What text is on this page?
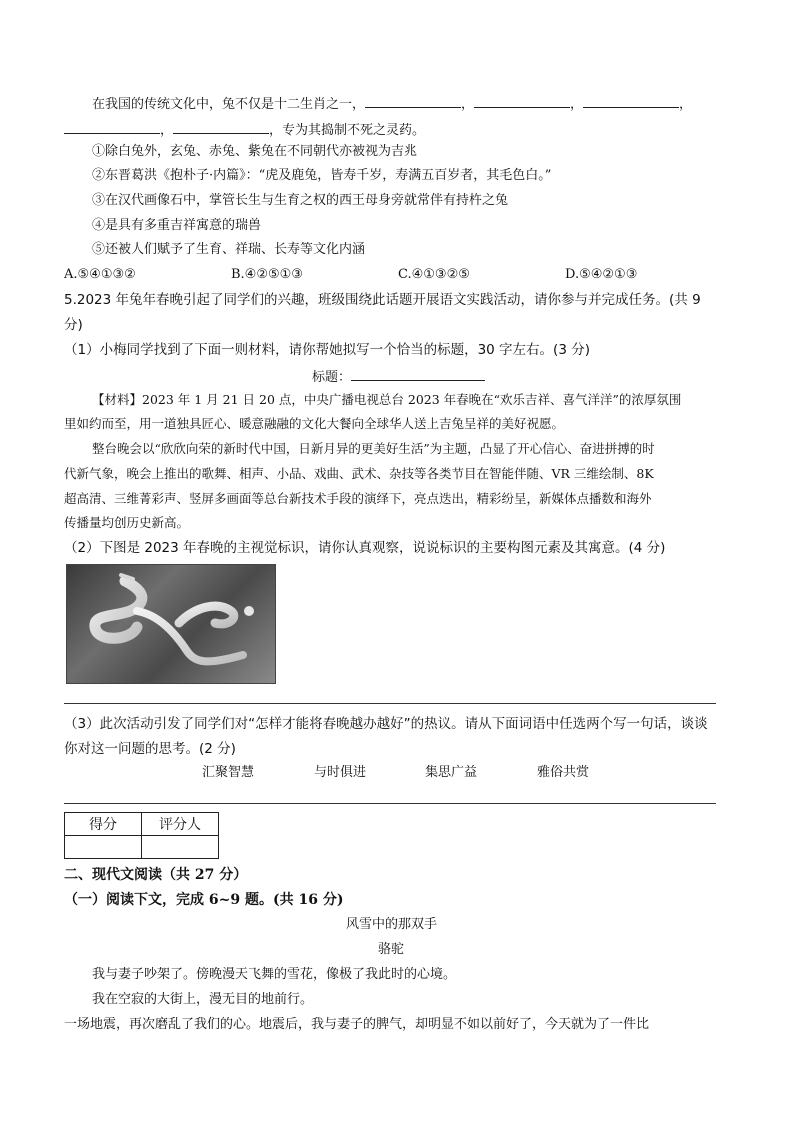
在我国的传统文化中，兔不仅是十二生肖之一，	，	，	，
，	，专为其捣制不死之灵药。
①除白兔外，玄兔、赤兔、紫兔在不同朝代亦被视为吉兆
②东晋葛洪《抱朴子·内篇》：“虎及鹿兔，皆寿千岁，寿满五百岁者，其毛色白。”
③在汉代画像石中，掌管长生与生育之权的西王母身旁就常伴有持杵之兔
④是具有多重吉祥寓意的瑞兽
⑤还被人们赋予了生育、祥瑞、长寿等文化内涵
A.⑤④①③②	B.④②⑤①③	C.④①③②⑤	D.⑤④②①③
5.2023 年兔年春晚引起了同学们的兴趣，班级围绕此话题开展语文实践活动，请你参与并完成任务。(共 9
分)
（1）小梅同学找到了下面一则材料，请你帮她拟写一个恰当的标题，30 字左右。(3 分)
标题：
【材料】2023 年 1 月 21 日 20 点，中央广播电视总台 2023 年春晚在“欢乐吉祥、喜气洋洋”的浓厚氛围
里如约而至，用一道独具匠心、暖意融融的文化大餐向全球华人送上吉兔呈祥的美好祝愿。
整台晚会以“欣欣向荣的新时代中国，日新月异的更美好生活”为主题，凸显了开心信心、奋进拼搏的时
代新气象，晚会上推出的歌舞、相声、小品、戏曲、武术、杂技等各类节目在智能伴随、VR 三维绘制、8K
超高清、三维菁彩声、竖屏多画面等总台新技术手段的演绎下，亮点迭出，精彩纷呈，新媒体点播数和海外
传播量均创历史新高。
（2）下图是 2023 年春晚的主视觉标识，请你认真观察，说说标识的主要构图元素及其寓意。(4 分)
（3）此次活动引发了同学们对“怎样才能将春晚越办越好”的热议。请从下面词语中任选两个写一句话，谈谈
你对这一问题的思考。(2 分)
汇聚智慧	与时俱进	集思广益	雅俗共赏
得分	评分人

二、现代文阅读（共 27 分）
（一）阅读下文，完成 6~9 题。(共 16 分)
风雪中的那双手
骆驼
我与妻子吵架了。傍晚漫天飞舞的雪花，像极了我此时的心境。
我在空寂的大街上，漫无目的地前行。
一场地震，再次磨乱了我们的心。地震后，我与妻子的脾气，却明显不如以前好了，今天就为了一件比
